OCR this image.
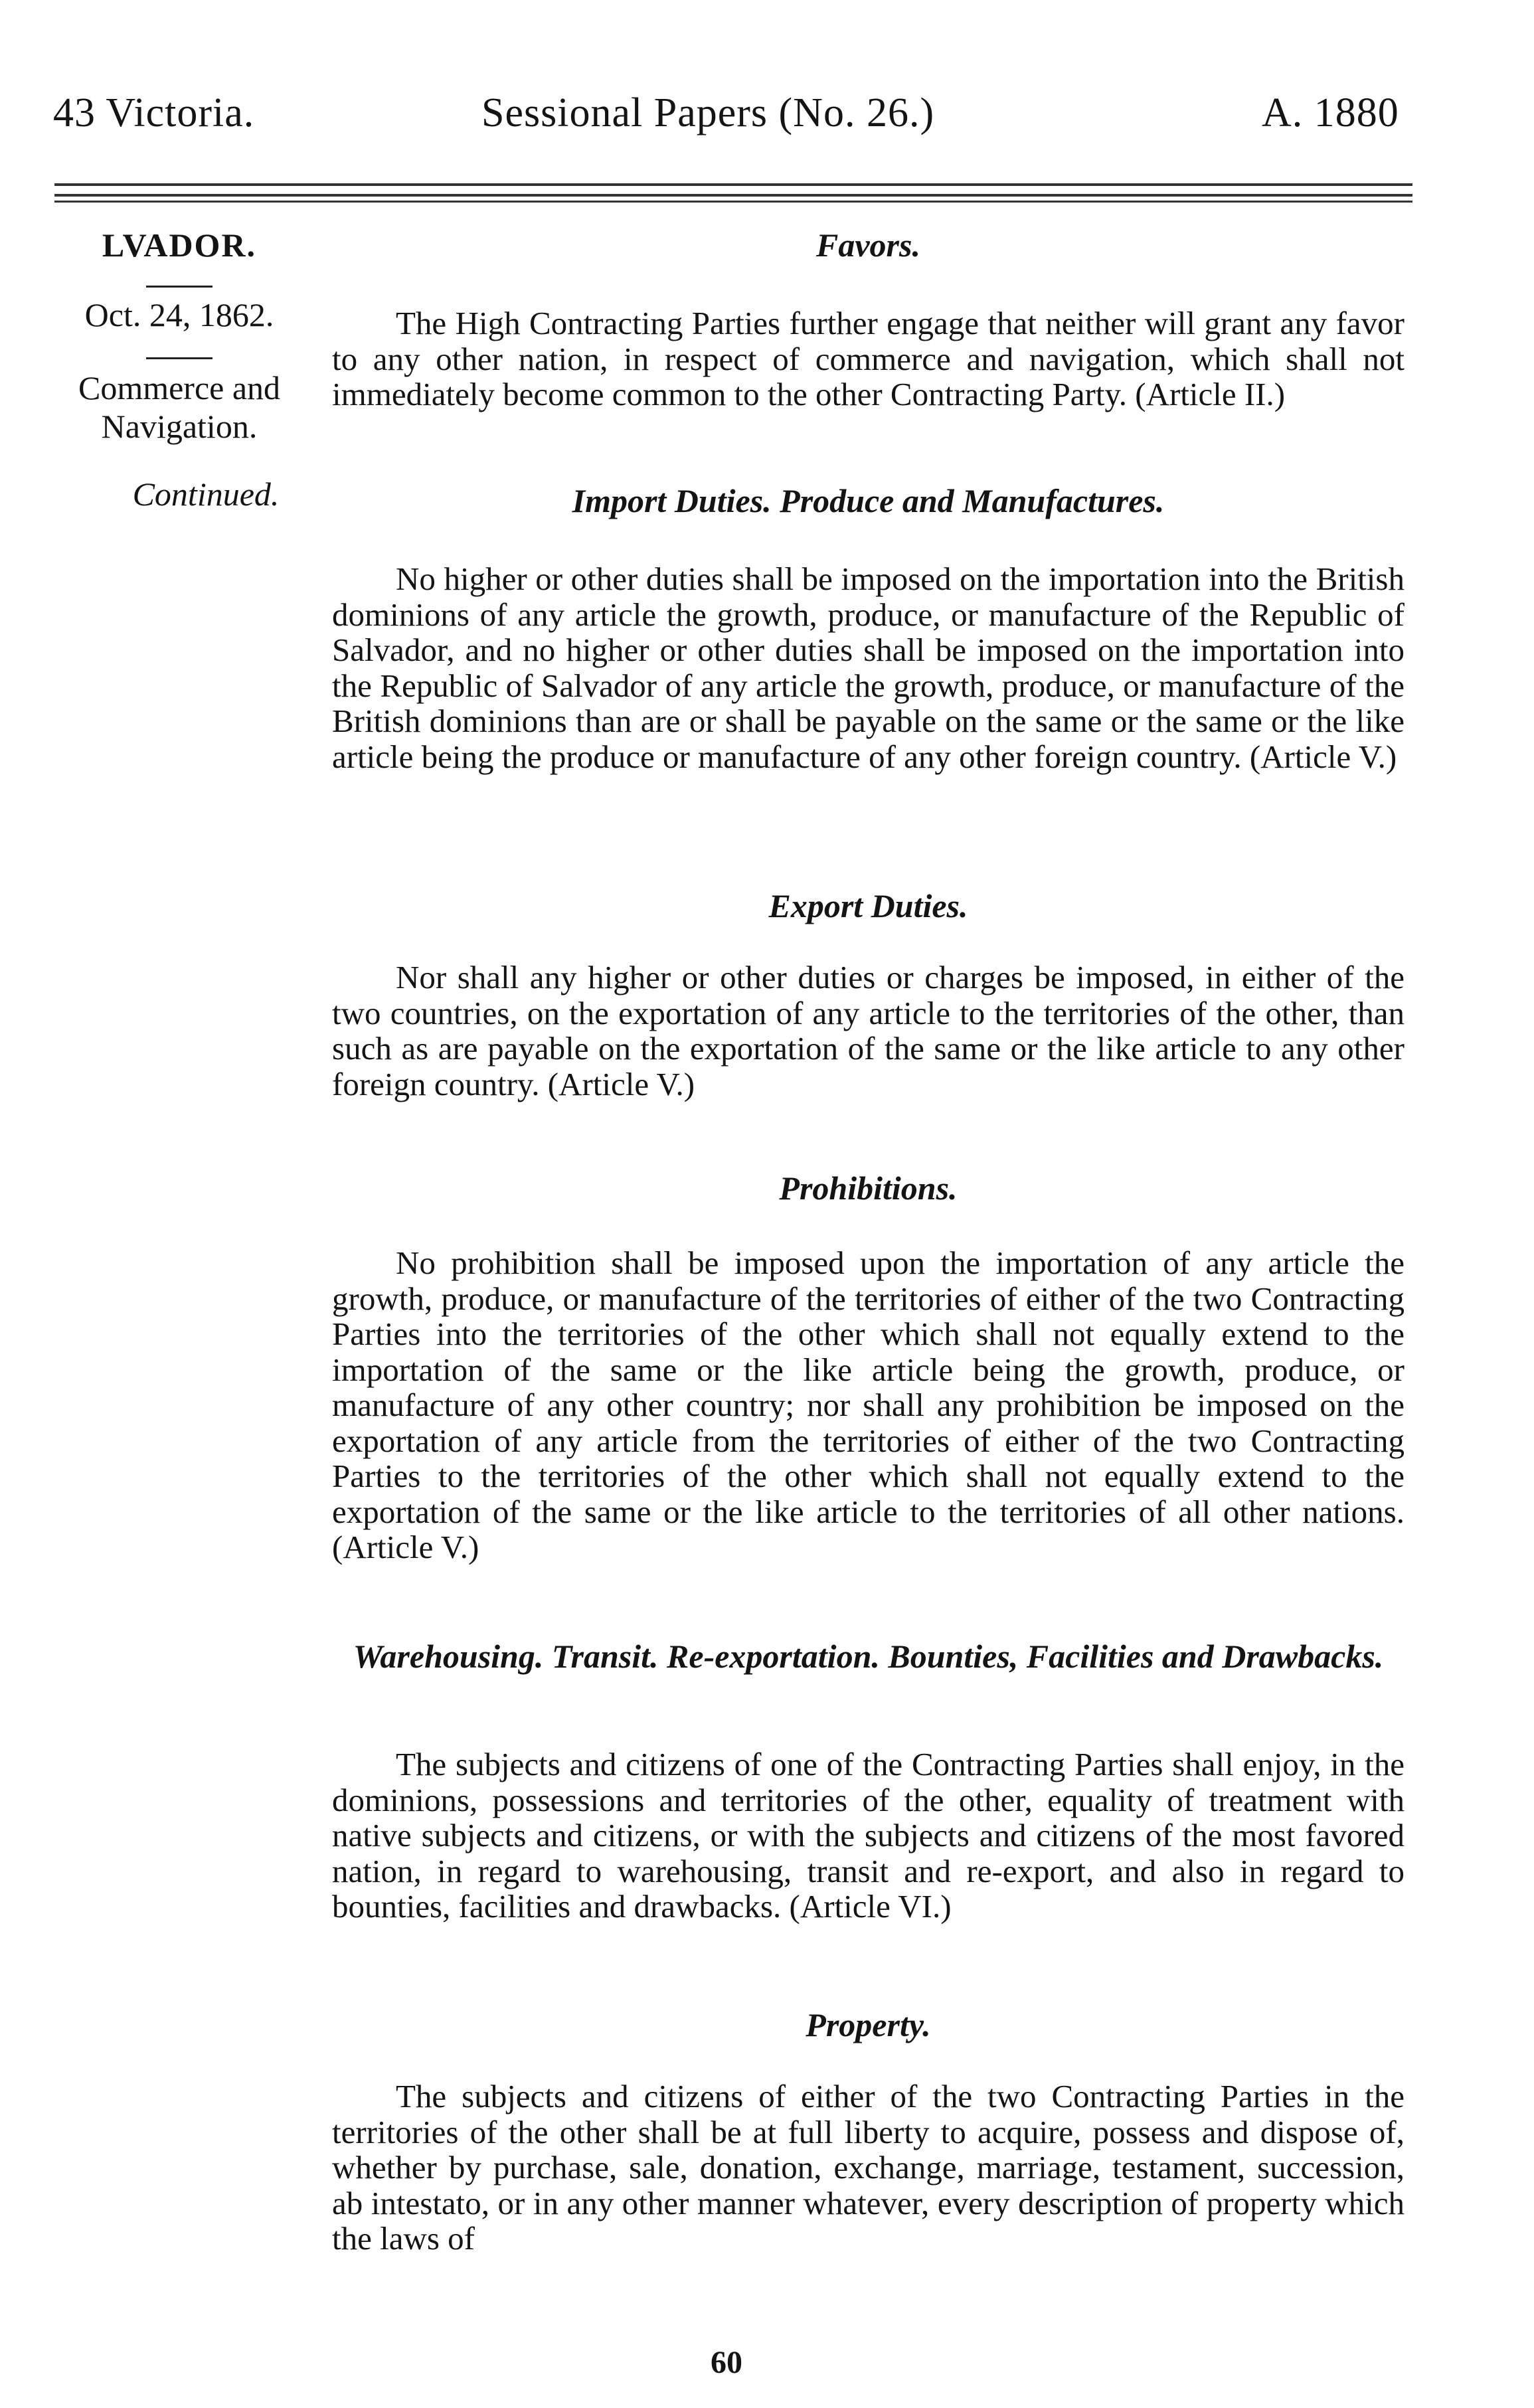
43 Victoria.	Sessional Papers (No. 26.)	A. 1880
LVADOR.
Oct. 24, 1862.
Commerce and Navigation.
Continued.
Favors.

The High Contracting Parties further engage that neither will grant any favor to any other nation, in respect of commerce and navigation, which shall not immediately become common to the other Contracting Party. (Article II.)

Import Duties. Produce and Manufactures.

No higher or other duties shall be imposed on the importation into the British dominions of any article the growth, produce, or manufacture of the Republic of Salvador, and no higher or other duties shall be imposed on the importation into the Republic of Salvador of any article the growth, produce, or manufacture of the British dominions than are or shall be payable on the same or the same or the like article being the produce or manufacture of any other foreign country. (Article V.)

Export Duties.

Nor shall any higher or other duties or charges be imposed, in either of the two countries, on the exportation of any article to the territories of the other, than such as are payable on the exportation of the same or the like article to any other foreign country. (Article V.)

Prohibitions.

No prohibition shall be imposed upon the importation of any article the growth, produce, or manufacture of the territories of either of the two Contracting Parties into the territories of the other which shall not equally extend to the importation of the same or the like article being the growth, produce, or manufacture of any other country; nor shall any prohibition be imposed on the exportation of any article from the territories of either of the two Contracting Parties to the territories of the other which shall not equally extend to the exportation of the same or the like article to the territories of all other nations. (Article V.)

Warehousing. Transit. Re-exportation. Bounties, Facilities and Drawbacks.

The subjects and citizens of one of the Contracting Parties shall enjoy, in the dominions, possessions and territories of the other, equality of treatment with native subjects and citizens, or with the subjects and citizens of the most favored nation, in regard to warehousing, transit and re-export, and also in regard to bounties, facilities and drawbacks. (Article VI.)

Property.

The subjects and citizens of either of the two Contracting Parties in the territories of the other shall be at full liberty to acquire, possess and dispose of, whether by purchase, sale, donation, exchange, marriage, testament, succession, ab intestato, or in any other manner whatever, every description of property which the laws of

60
